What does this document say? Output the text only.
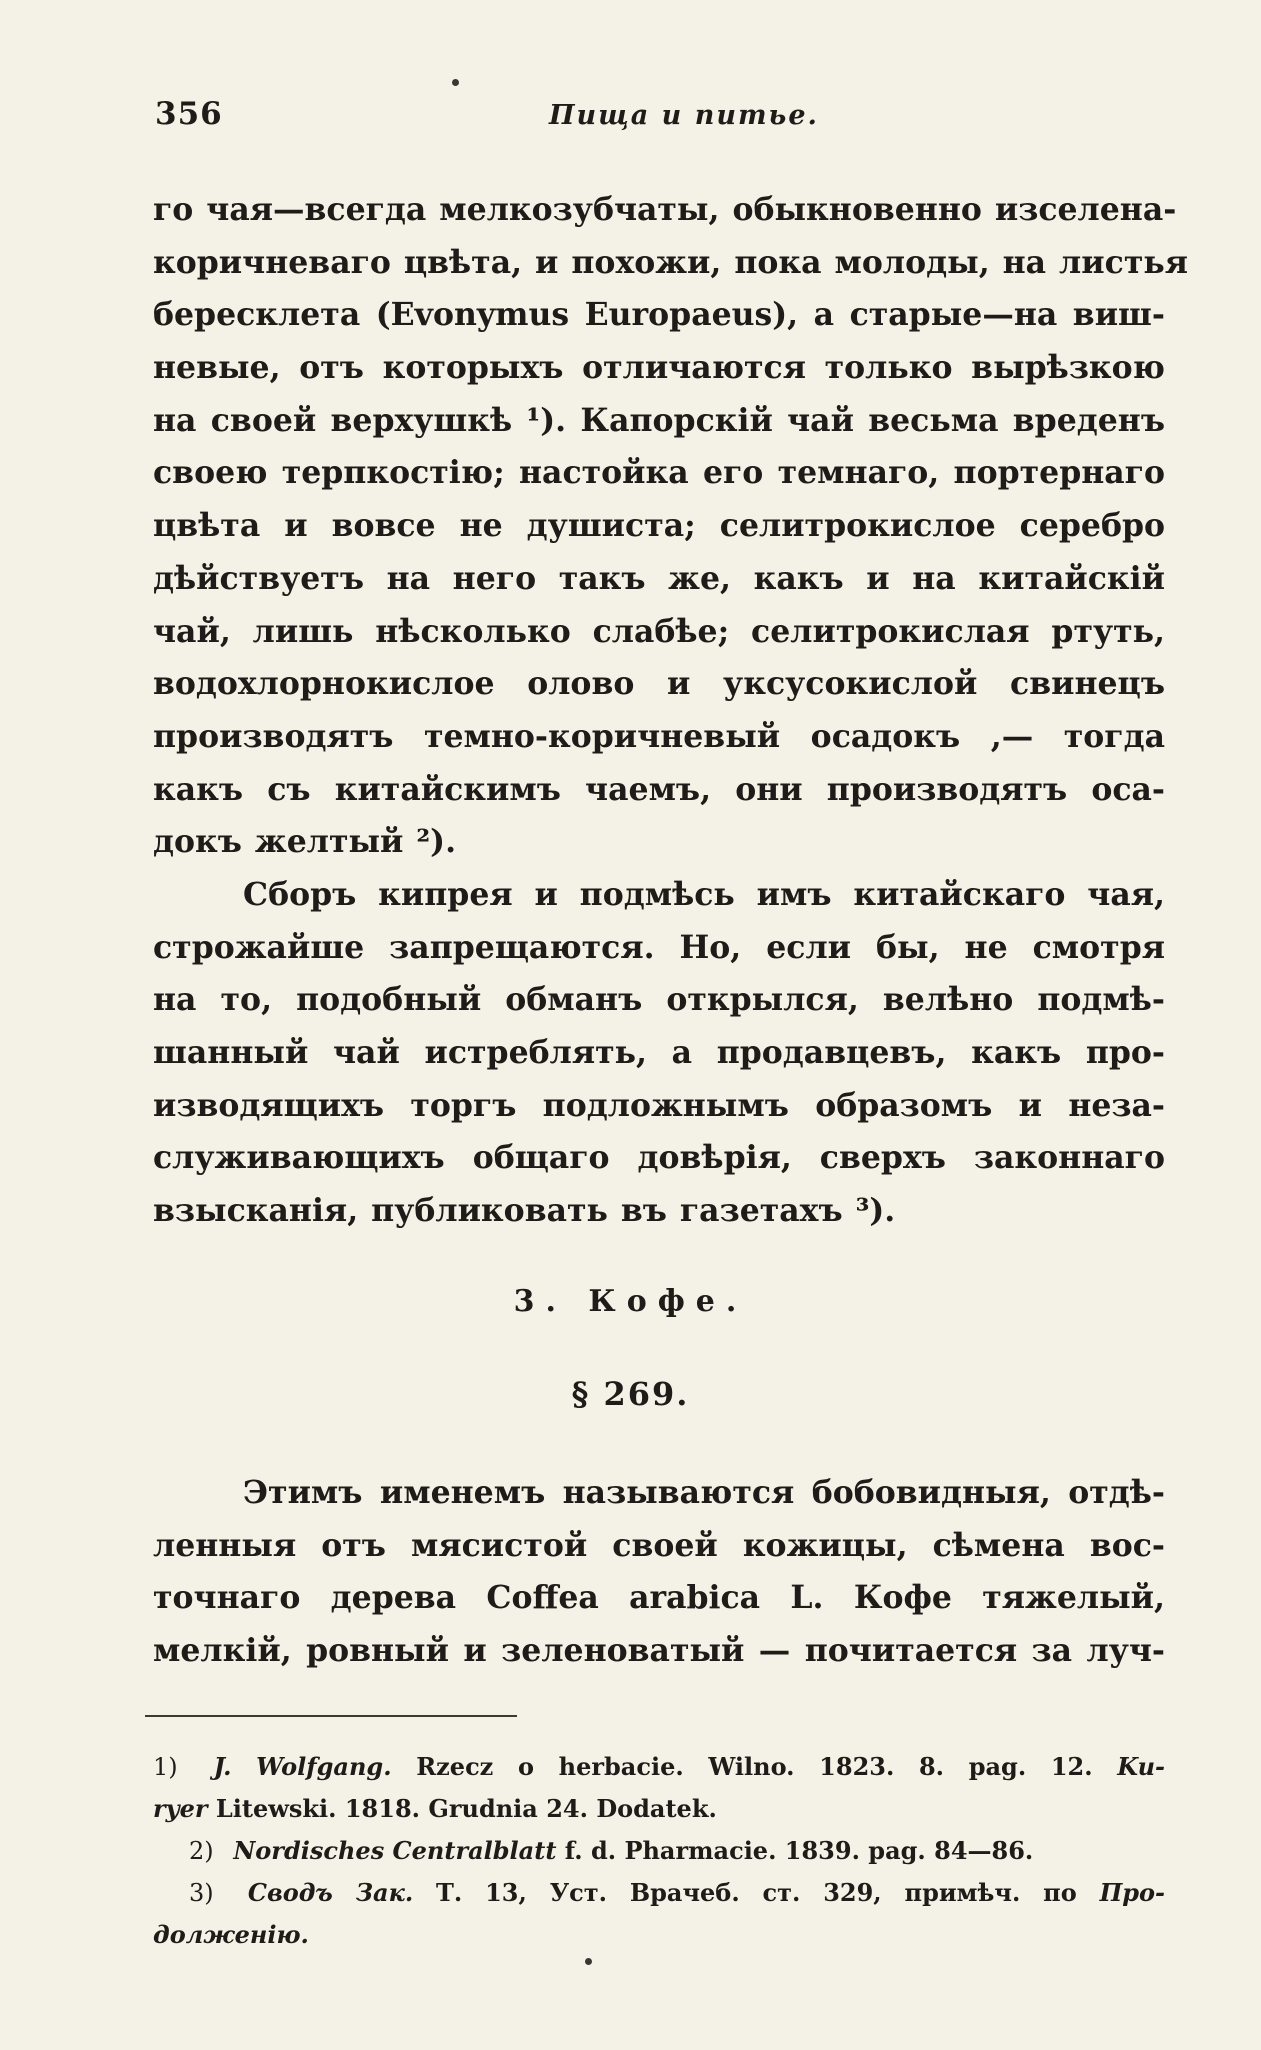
356	Пища и питье.
го чая—всегда мелкозубчаты, обыкновенно изселена-
коричневаго цвѣта, и похожи, пока молоды, на листья
бересклета (Evonymus Europaeus), а старые—на виш-
невые, отъ которыхъ отличаются только вырѣзкою
на своей верхушкѣ ¹). Капорскій чай весьма вреденъ
своею терпкостію; настойка его темнаго, портернаго
цвѣта и вовсе не душиста; селитрокислое серебро
дѣйствуетъ на него такъ же, какъ и на китайскій
чай, лишь нѣсколько слабѣе; селитрокислая ртуть,
водохлорнокислое олово и уксусокислой свинецъ
производятъ темно-коричневый осадокъ ,— тогда
какъ съ китайскимъ чаемъ, они производятъ оса-
докъ желтый ²).
Сборъ кипрея и подмѣсь имъ китайскаго чая,
строжайше запрещаются. Но, если бы, не смотря
на то, подобный обманъ открылся, велѣно подмѣ-
шанный чай истреблять, а продавцевъ, какъ про-
изводящихъ торгъ подложнымъ образомъ и неза-
служивающихъ общаго довѣрія, сверхъ законнаго
взысканія, публиковать въ газетахъ ³).
3. Кофе.
§ 269.
Этимъ именемъ называются бобовидныя, отдѣ-
ленныя отъ мясистой своей кожицы, сѣмена вос-
точнаго дерева Coffea arabica L. Кофе тяжелый,
мелкій, ровный и зеленоватый — почитается за луч-
1) J. Wolfgang. Rzecz o herbacie. Wilno. 1823. 8. pag. 12. Ku-
ryer Litewski. 1818. Grudnia 24. Dodatek.
2) Nordisches Centralblatt f. d. Pharmacie. 1839. pag. 84—86.
3) Сводъ Зак. Т. 13, Уст. Врачеб. ст. 329, примѣч. по Про-
долженію.
